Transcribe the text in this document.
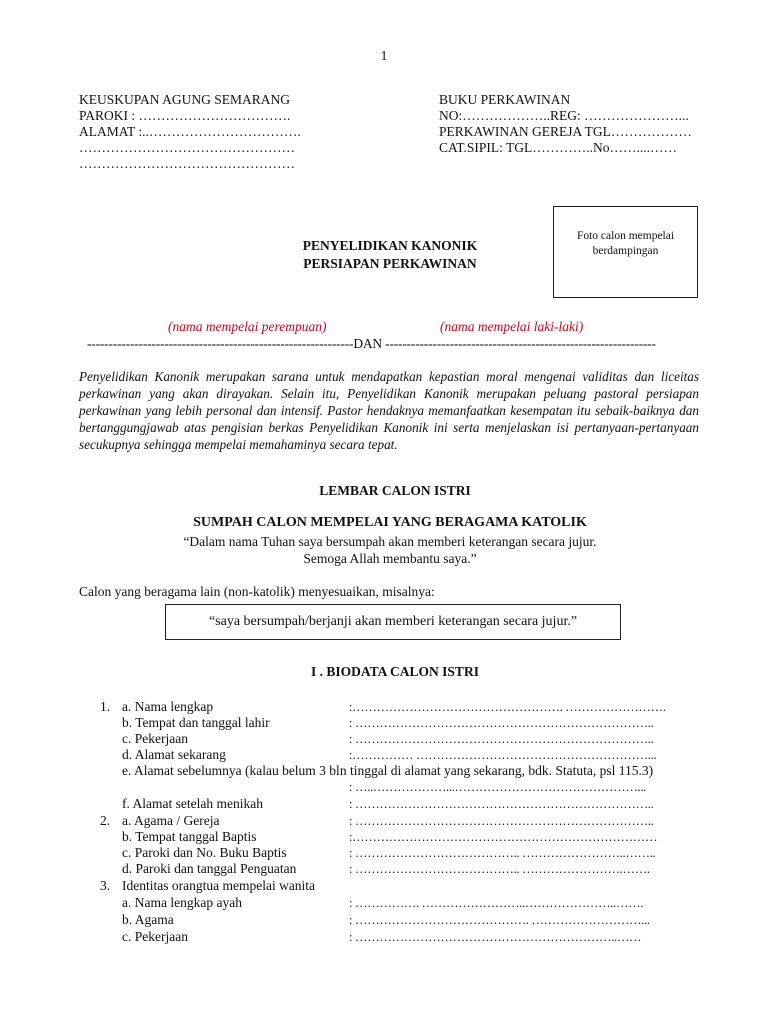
1
KEUSKUPAN AGUNG SEMARANG
PAROKI : …………………………….
ALAMAT :..…………………………….
…………………………………………
…………………………………………
BUKU PERKAWINAN
NO:………………..REG: …………………...
PERKAWINAN GEREJA TGL………………
CAT.SIPIL: TGL…………..No……....……
Foto calon mempelai
berdampingan
PENYELIDIKAN KANONIK
PERSIAPAN PERKAWINAN
(nama mempelai perempuan)	(nama mempelai laki-laki)
--------------------------------------------------------------DAN ---------------------------------------------------------------
Penyelidikan Kanonik merupakan sarana untuk mendapatkan kepastian moral mengenai validitas dan liceitas perkawinan yang akan dirayakan. Selain itu, Penyelidikan Kanonik merupakan peluang pastoral persiapan perkawinan yang lebih personal dan intensif. Pastor hendaknya memanfaatkan kesempatan itu sebaik-baiknya dan bertanggungjawab atas pengisian berkas Penyelidikan Kanonik ini serta menjelaskan isi pertanyaan-pertanyaan secukupnya sehingga mempelai memahaminya secara tepat.
LEMBAR CALON ISTRI
SUMPAH CALON MEMPELAI YANG BERAGAMA KATOLIK
“Dalam nama Tuhan saya bersumpah akan memberi keterangan secara jujur.
Semoga Allah membantu saya.”
Calon yang beragama lain (non-katolik) menyesuaikan, misalnya:
“saya bersumpah/berjanji akan memberi keterangan secara jujur.”
I . BIODATA CALON ISTRI
1. a. Nama lengkap	:……………………………………………. …………………….
b. Tempat dan tanggal lahir	: ………………………………………………………………..
c. Pekerjaan	: ………………………………………………………………..
d. Alamat sekarang	:…………… …………………………………………………...
e. Alamat sebelumnya (kalau belum 3 bln tinggal di alamat yang sekarang, bdk. Statuta, psl 115.3)
: …..………………...………………………………………...
f. Alamat setelah menikah	: ………………………………………………………………..
2. a. Agama / Gereja	: ………………………………………………………………..
b. Tempat tanggal Baptis	:…………………………………………………………………
c. Paroki dan No. Buku Baptis	: ………………………………….. ……………………..……..
d. Paroki dan tanggal Penguatan	: ………………………………….. …………………….…….
3. Identitas orangtua mempelai wanita
a. Nama lengkap ayah	: ……………. ……………………..…………………..…….
b. Agama	: ……………………………………. ………………………...
c. Pekerjaan	: ………………………………………………………..……
